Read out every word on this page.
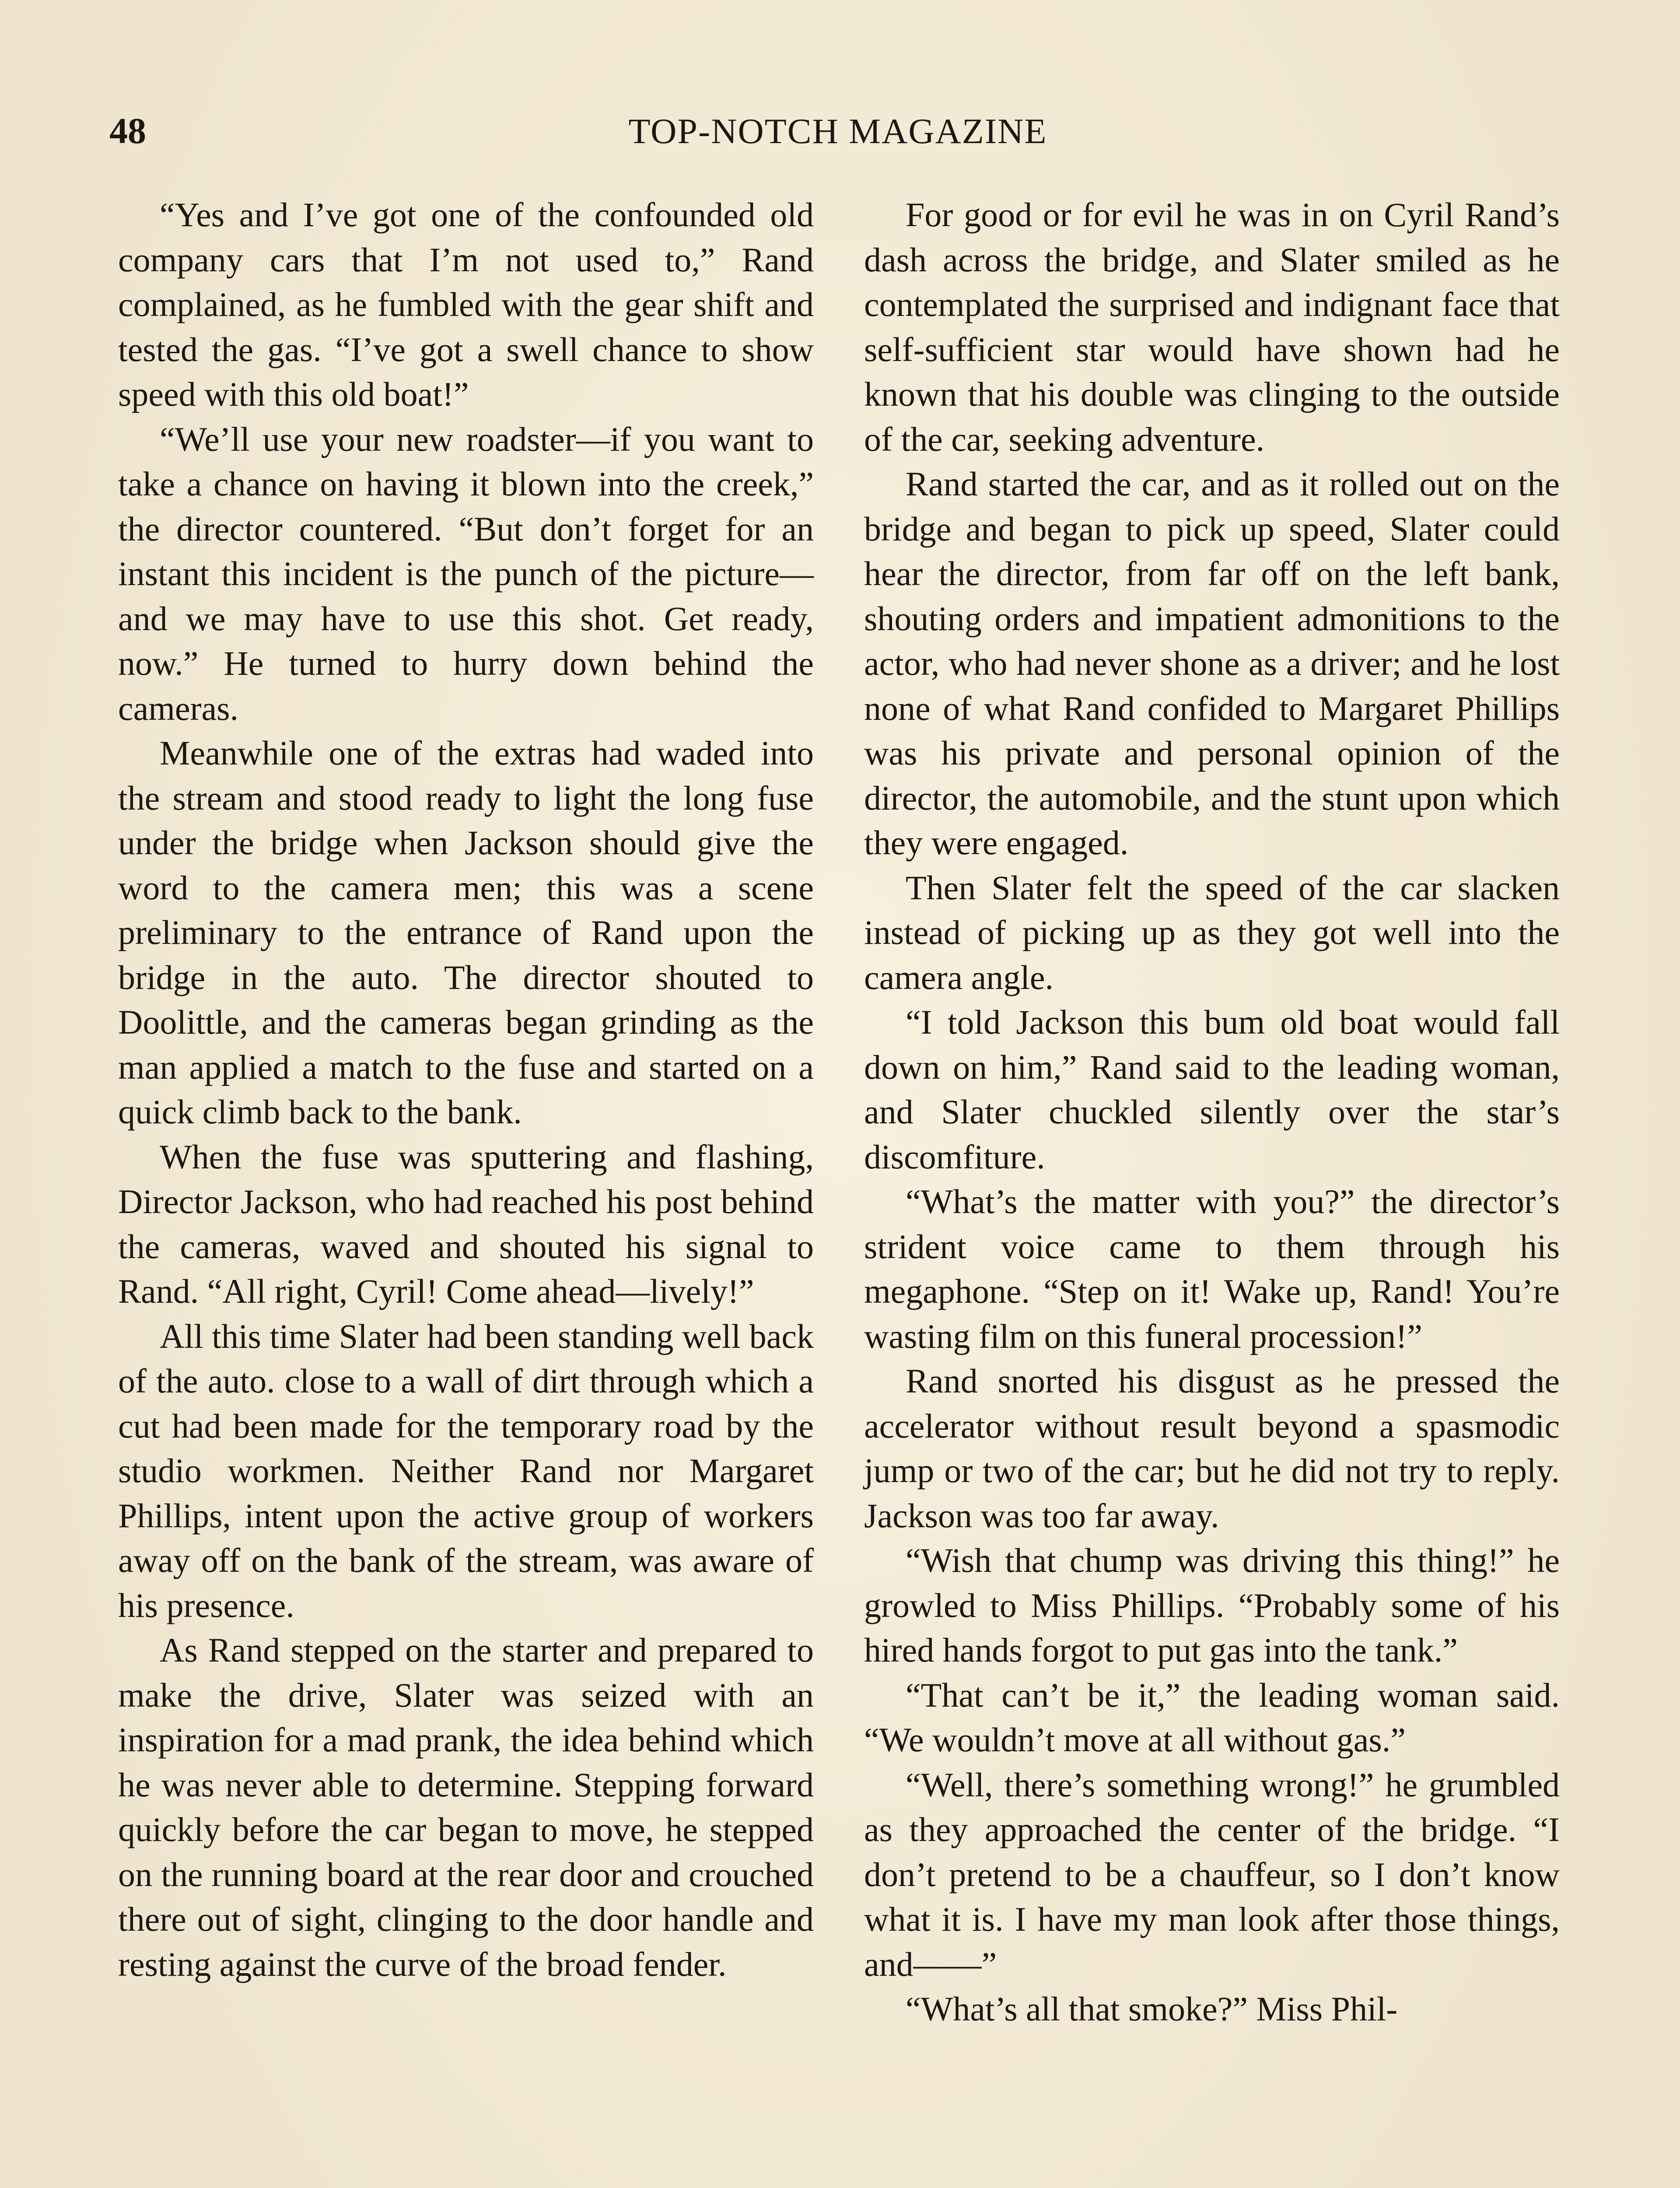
48	TOP-NOTCH MAGAZINE

“Yes and I’ve got one of the confounded old company cars that I’m not used to,” Rand complained, as he fumbled with the gear shift and tested the gas. “I’ve got a swell chance to show speed with this old boat!”

“We’ll use your new roadster—if you want to take a chance on having it blown into the creek,” the director countered. “But don’t forget for an instant this incident is the punch of the picture—and we may have to use this shot. Get ready, now.” He turned to hurry down behind the cameras.

Meanwhile one of the extras had waded into the stream and stood ready to light the long fuse under the bridge when Jackson should give the word to the camera men; this was a scene preliminary to the entrance of Rand upon the bridge in the auto. The director shouted to Doolittle, and the cameras began grinding as the man applied a match to the fuse and started on a quick climb back to the bank.

When the fuse was sputtering and flashing, Director Jackson, who had reached his post behind the cameras, waved and shouted his signal to Rand. “All right, Cyril! Come ahead—lively!”

All this time Slater had been standing well back of the auto. close to a wall of dirt through which a cut had been made for the temporary road by the studio workmen. Neither Rand nor Margaret Phillips, intent upon the active group of workers away off on the bank of the stream, was aware of his presence.

As Rand stepped on the starter and prepared to make the drive, Slater was seized with an inspiration for a mad prank, the idea behind which he was never able to determine. Stepping forward quickly before the car began to move, he stepped on the running board at the rear door and crouched there out of sight, clinging to the door handle and resting against the curve of the broad fender.

For good or for evil he was in on Cyril Rand’s dash across the bridge, and Slater smiled as he contemplated the surprised and indignant face that self-sufficient star would have shown had he known that his double was clinging to the outside of the car, seeking adventure.

Rand started the car, and as it rolled out on the bridge and began to pick up speed, Slater could hear the director, from far off on the left bank, shouting orders and impatient admonitions to the actor, who had never shone as a driver; and he lost none of what Rand confided to Margaret Phillips was his private and personal opinion of the director, the automobile, and the stunt upon which they were engaged.

Then Slater felt the speed of the car slacken instead of picking up as they got well into the camera angle.

“I told Jackson this bum old boat would fall down on him,” Rand said to the leading woman, and Slater chuckled silently over the star’s discomfiture.

“What’s the matter with you?” the director’s strident voice came to them through his megaphone. “Step on it! Wake up, Rand! You’re wasting film on this funeral procession!”

Rand snorted his disgust as he pressed the accelerator without result beyond a spasmodic jump or two of the car; but he did not try to reply. Jackson was too far away.

“Wish that chump was driving this thing!” he growled to Miss Phillips. “Probably some of his hired hands forgot to put gas into the tank.”

“That can’t be it,” the leading woman said. “We wouldn’t move at all without gas.”

“Well, there’s something wrong!” he grumbled as they approached the center of the bridge. “I don’t pretend to be a chauffeur, so I don’t know what it is. I have my man look after those things, and——”

“What’s all that smoke?” Miss Phil-
